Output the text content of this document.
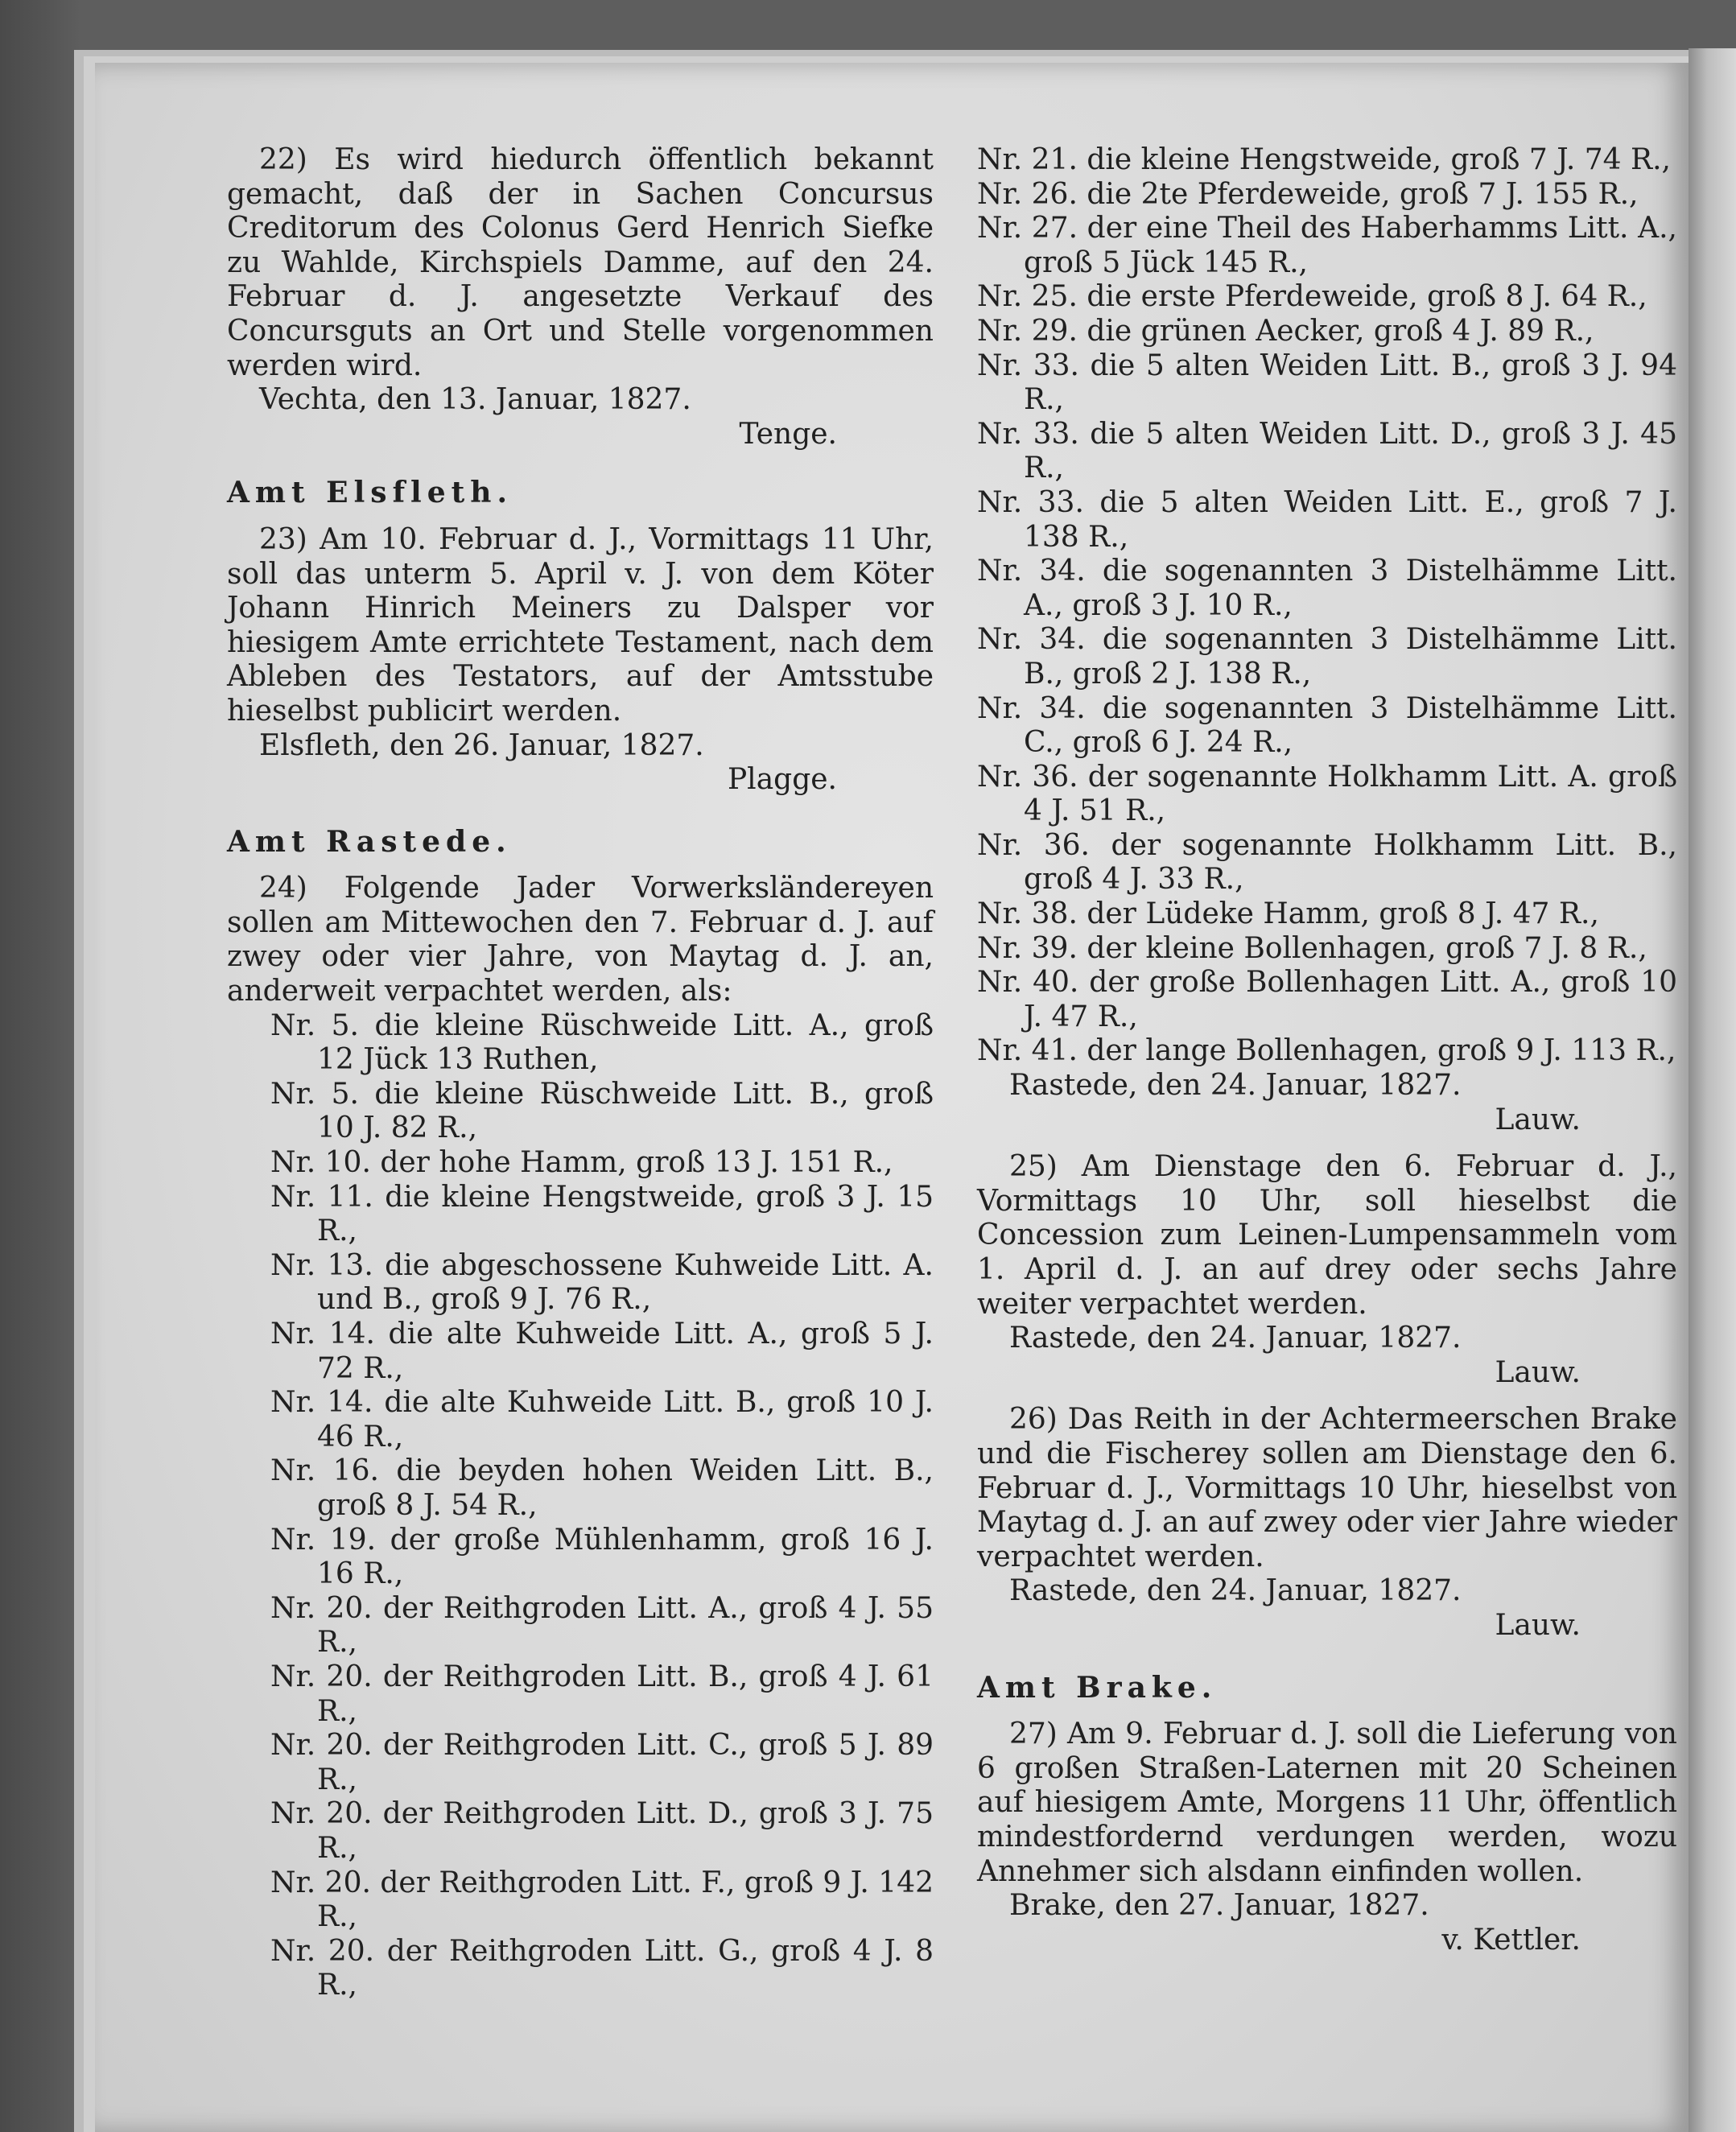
22) Es wird hiedurch öffentlich bekannt gemacht, daß der in Sachen Concursus Creditorum des Colonus Gerd Henrich Siefke zu Wahlde, Kirchspiels Damme, auf den 24. Februar d. J. angesetzte Verkauf des Concursguts an Ort und Stelle vorgenommen werden wird.

Vechta, den 13. Januar, 1827.

Tenge.

Amt Elsfleth.

23) Am 10. Februar d. J., Vormittags 11 Uhr, soll das unterm 5. April v. J. von dem Köter Johann Hinrich Meiners zu Dalsper vor hiesigem Amte errichtete Testament, nach dem Ableben des Testators, auf der Amtsstube hieselbst publicirt werden.

Elsfleth, den 26. Januar, 1827.

Plagge.

Amt Rastede.

24) Folgende Jader Vorwerksländereyen sollen am Mittewochen den 7. Februar d. J. auf zwey oder vier Jahre, von Maytag d. J. an, anderweit verpachtet werden, als:

Nr. 5. die kleine Rüschweide Litt. A., groß 12 Jück 13 Ruthen,
Nr. 5. die kleine Rüschweide Litt. B., groß 10 J. 82 R.,
Nr. 10. der hohe Hamm, groß 13 J. 151 R.,
Nr. 11. die kleine Hengstweide, groß 3 J. 15 R.,
Nr. 13. die abgeschossene Kuhweide Litt. A. und B., groß 9 J. 76 R.,
Nr. 14. die alte Kuhweide Litt. A., groß 5 J. 72 R.,
Nr. 14. die alte Kuhweide Litt. B., groß 10 J. 46 R.,
Nr. 16. die beyden hohen Weiden Litt. B., groß 8 J. 54 R.,
Nr. 19. der große Mühlenhamm, groß 16 J. 16 R.,
Nr. 20. der Reithgroden Litt. A., groß 4 J. 55 R.,
Nr. 20. der Reithgroden Litt. B., groß 4 J. 61 R.,
Nr. 20. der Reithgroden Litt. C., groß 5 J. 89 R.,
Nr. 20. der Reithgroden Litt. D., groß 3 J. 75 R.,
Nr. 20. der Reithgroden Litt. F., groß 9 J. 142 R.,
Nr. 20. der Reithgroden Litt. G., groß 4 J. 8 R.,
Nr. 21. die kleine Hengstweide, groß 7 J. 74 R.,
Nr. 26. die 2te Pferdeweide, groß 7 J. 155 R.,
Nr. 27. der eine Theil des Haberhamms Litt. A., groß 5 Jück 145 R.,
Nr. 25. die erste Pferdeweide, groß 8 J. 64 R.,
Nr. 29. die grünen Aecker, groß 4 J. 89 R.,
Nr. 33. die 5 alten Weiden Litt. B., groß 3 J. 94 R.,
Nr. 33. die 5 alten Weiden Litt. D., groß 3 J. 45 R.,
Nr. 33. die 5 alten Weiden Litt. E., groß 7 J. 138 R.,
Nr. 34. die sogenannten 3 Distelhämme Litt. A., groß 3 J. 10 R.,
Nr. 34. die sogenannten 3 Distelhämme Litt. B., groß 2 J. 138 R.,
Nr. 34. die sogenannten 3 Distelhämme Litt. C., groß 6 J. 24 R.,
Nr. 36. der sogenannte Holkhamm Litt. A. groß 4 J. 51 R.,
Nr. 36. der sogenannte Holkhamm Litt. B., groß 4 J. 33 R.,
Nr. 38. der Lüdeke Hamm, groß 8 J. 47 R.,
Nr. 39. der kleine Bollenhagen, groß 7 J. 8 R.,
Nr. 40. der große Bollenhagen Litt. A., groß 10 J. 47 R.,
Nr. 41. der lange Bollenhagen, groß 9 J. 113 R.,

Rastede, den 24. Januar, 1827.

Lauw.

25) Am Dienstage den 6. Februar d. J., Vormittags 10 Uhr, soll hieselbst die Concession zum Leinen-Lumpensammeln vom 1. April d. J. an auf drey oder sechs Jahre weiter verpachtet werden.

Rastede, den 24. Januar, 1827.

Lauw.

26) Das Reith in der Achtermeerschen Brake und die Fischerey sollen am Dienstage den 6. Februar d. J., Vormittags 10 Uhr, hieselbst von Maytag d. J. an auf zwey oder vier Jahre wieder verpachtet werden.

Rastede, den 24. Januar, 1827.

Lauw.

Amt Brake.

27) Am 9. Februar d. J. soll die Lieferung von 6 großen Straßen-Laternen mit 20 Scheinen auf hiesigem Amte, Morgens 11 Uhr, öffentlich mindestfordernd verdungen werden, wozu Annehmer sich alsdann einfinden wollen.

Brake, den 27. Januar, 1827.

v. Kettler.
